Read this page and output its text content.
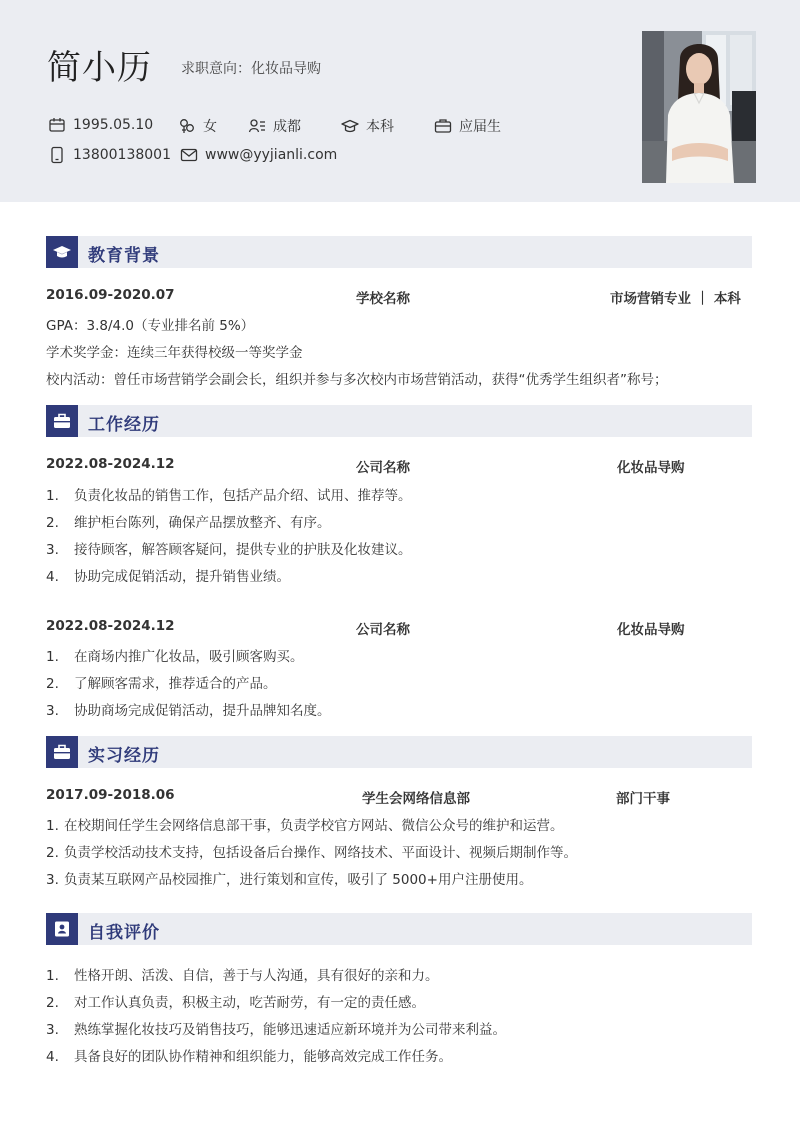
简小历 求职意向：化妆品导购
1995.05.10	女	成都	本科	应届生
13800138001 www@yyjianli.com
教育背景
2016.09-2020.07	学校名称	市场营销专业 ｜ 本科
GPA：3.8/4.0（专业排名前 5%）
学术奖学金：连续三年获得校级一等奖学金
校内活动：曾任市场营销学会副会长，组织并参与多次校内市场营销活动，获得“优秀学生组织者”称号；
工作经历
2022.08-2024.12	公司名称	化妆品导购
1. 负责化妆品的销售工作，包括产品介绍、试用、推荐等。
2. 维护柜台陈列，确保产品摆放整齐、有序。
3. 接待顾客，解答顾客疑问，提供专业的护肤及化妆建议。
4. 协助完成促销活动，提升销售业绩。
2022.08-2024.12	公司名称	化妆品导购
1. 在商场内推广化妆品，吸引顾客购买。
2. 了解顾客需求，推荐适合的产品。
3. 协助商场完成促销活动，提升品牌知名度。
实习经历
2017.09-2018.06	学生会网络信息部	部门干事
1. 在校期间任学生会网络信息部干事，负责学校官方网站、微信公众号的维护和运营。
2. 负责学校活动技术支持，包括设备后台操作、网络技术、平面设计、视频后期制作等。
3. 负责某互联网产品校园推广，进行策划和宣传，吸引了 5000+用户注册使用。
自我评价
1. 性格开朗、活泼、自信，善于与人沟通，具有很好的亲和力。
2. 对工作认真负责，积极主动，吃苦耐劳，有一定的责任感。
3. 熟练掌握化妆技巧及销售技巧，能够迅速适应新环境并为公司带来利益。
4. 具备良好的团队协作精神和组织能力，能够高效完成工作任务。
